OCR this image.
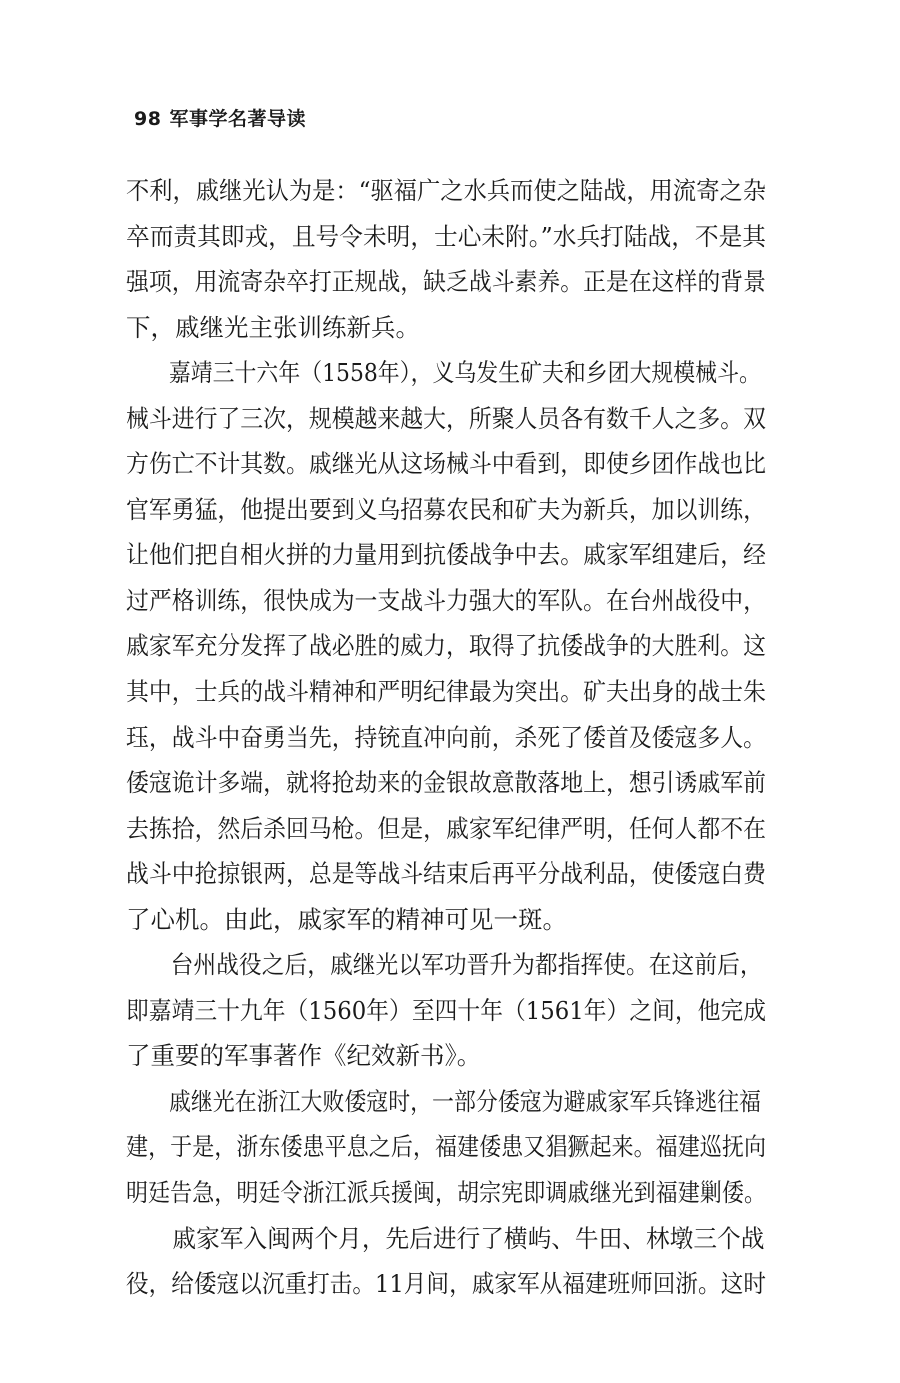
98 军事学名著导读
不利，戚继光认为是：“驱福广之水兵而使之陆战，用流寄之杂
卒而责其即戎，且号令未明，士心未附。”水兵打陆战，不是其
强项，用流寄杂卒打正规战，缺乏战斗素养。正是在这样的背景
下，戚继光主张训练新兵。
嘉靖三十六年（1558年），义乌发生矿夫和乡团大规模械斗。
械斗进行了三次，规模越来越大，所聚人员各有数千人之多。双
方伤亡不计其数。戚继光从这场械斗中看到，即使乡团作战也比
官军勇猛，他提出要到义乌招募农民和矿夫为新兵，加以训练，
让他们把自相火拼的力量用到抗倭战争中去。戚家军组建后，经
过严格训练，很快成为一支战斗力强大的军队。在台州战役中，
戚家军充分发挥了战必胜的威力，取得了抗倭战争的大胜利。这
其中，士兵的战斗精神和严明纪律最为突出。矿夫出身的战士朱
珏，战斗中奋勇当先，持铳直冲向前，杀死了倭首及倭寇多人。
倭寇诡计多端，就将抢劫来的金银故意散落地上，想引诱戚军前
去拣拾，然后杀回马枪。但是，戚家军纪律严明，任何人都不在
战斗中抢掠银两，总是等战斗结束后再平分战利品，使倭寇白费
了心机。由此，戚家军的精神可见一斑。
台州战役之后，戚继光以军功晋升为都指挥使。在这前后，
即嘉靖三十九年（1560年）至四十年（1561年）之间，他完成
了重要的军事著作《纪效新书》。
戚继光在浙江大败倭寇时，一部分倭寇为避戚家军兵锋逃往福
建，于是，浙东倭患平息之后，福建倭患又猖獗起来。福建巡抚向
明廷告急，明廷令浙江派兵援闽，胡宗宪即调戚继光到福建剿倭。
戚家军入闽两个月，先后进行了横屿、牛田、林墩三个战
役，给倭寇以沉重打击。11月间，戚家军从福建班师回浙。这时
